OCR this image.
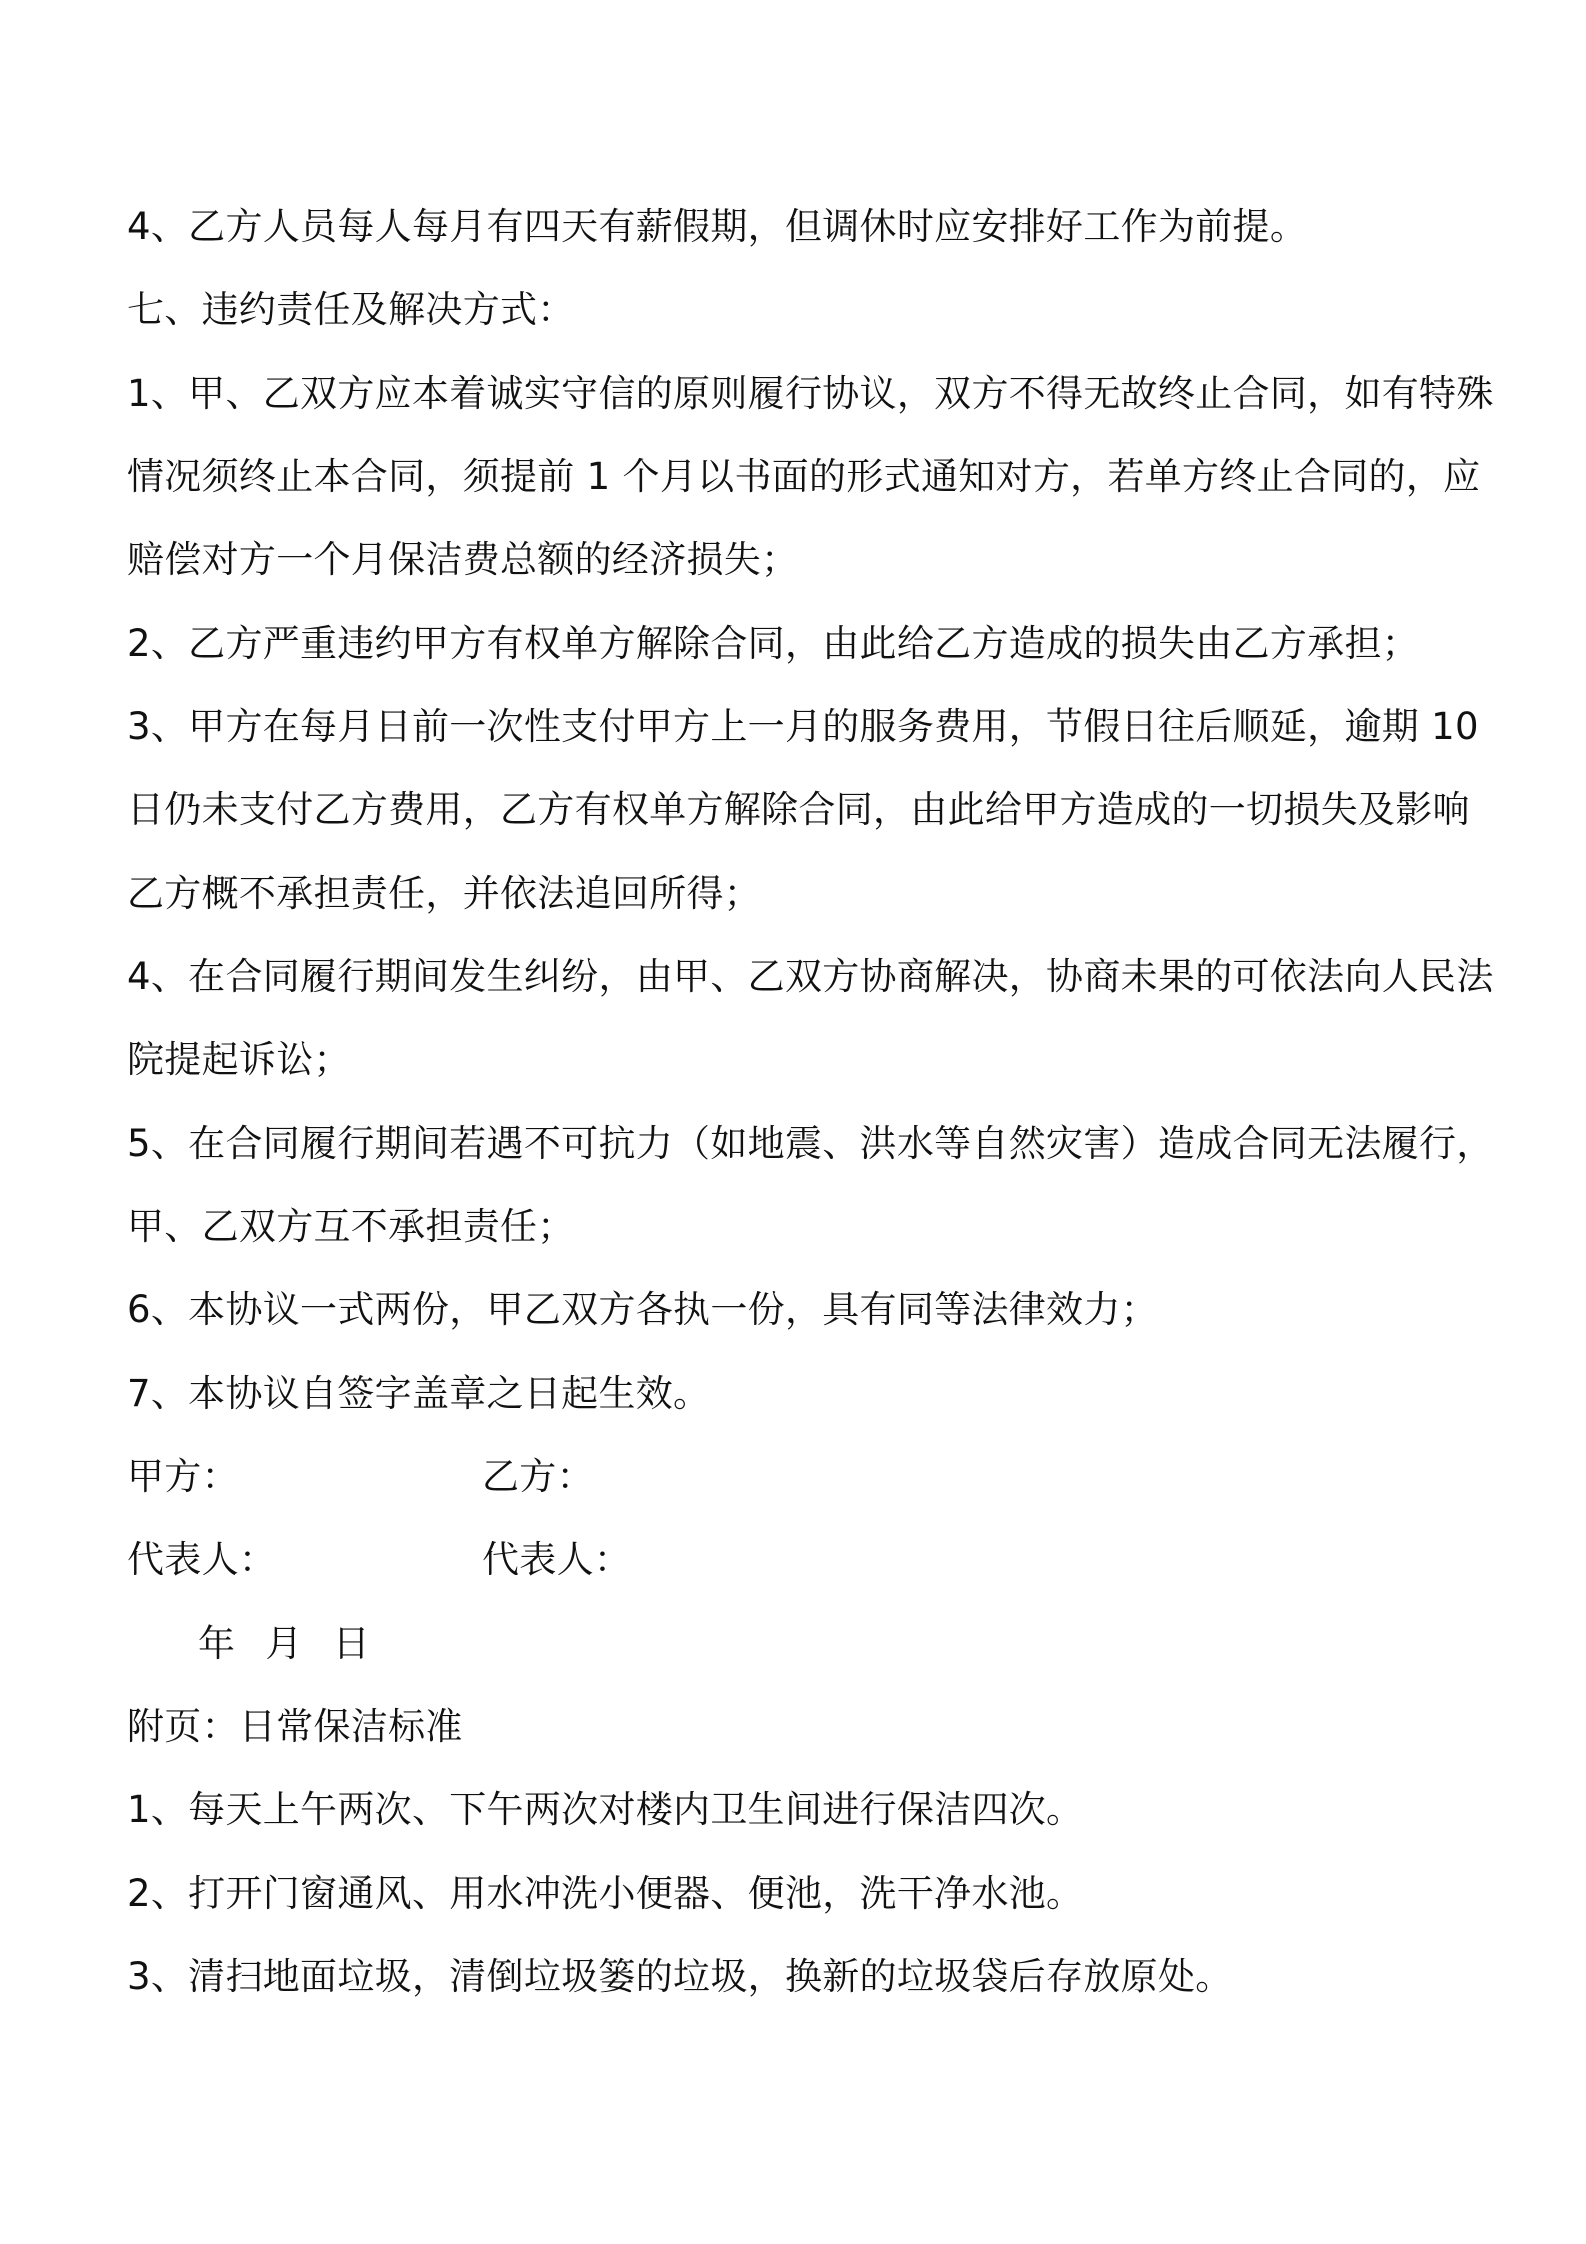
4、乙方人员每人每月有四天有薪假期，但调休时应安排好工作为前提。
七、违约责任及解决方式：
1、甲、乙双方应本着诚实守信的原则履行协议，双方不得无故终止合同，如有特殊
情况须终止本合同，须提前 1 个月以书面的形式通知对方，若单方终止合同的，应
赔偿对方一个月保洁费总额的经济损失；
2、乙方严重违约甲方有权单方解除合同，由此给乙方造成的损失由乙方承担；
3、甲方在每月日前一次性支付甲方上一月的服务费用，节假日往后顺延，逾期 10
日仍未支付乙方费用，乙方有权单方解除合同，由此给甲方造成的一切损失及影响
乙方概不承担责任，并依法追回所得；
4、在合同履行期间发生纠纷，由甲、乙双方协商解决，协商未果的可依法向人民法
院提起诉讼；
5、在合同履行期间若遇不可抗力（如地震、洪水等自然灾害）造成合同无法履行，
甲、乙双方互不承担责任；
6、本协议一式两份，甲乙双方各执一份，具有同等法律效力；
7、本协议自签字盖章之日起生效。
甲方：	乙方：
代表人：	代表人：
年 月 日
附页：日常保洁标准
1、每天上午两次、下午两次对楼内卫生间进行保洁四次。
2、打开门窗通风、用水冲洗小便器、便池，洗干净水池。
3、清扫地面垃圾，清倒垃圾篓的垃圾，换新的垃圾袋后存放原处。
